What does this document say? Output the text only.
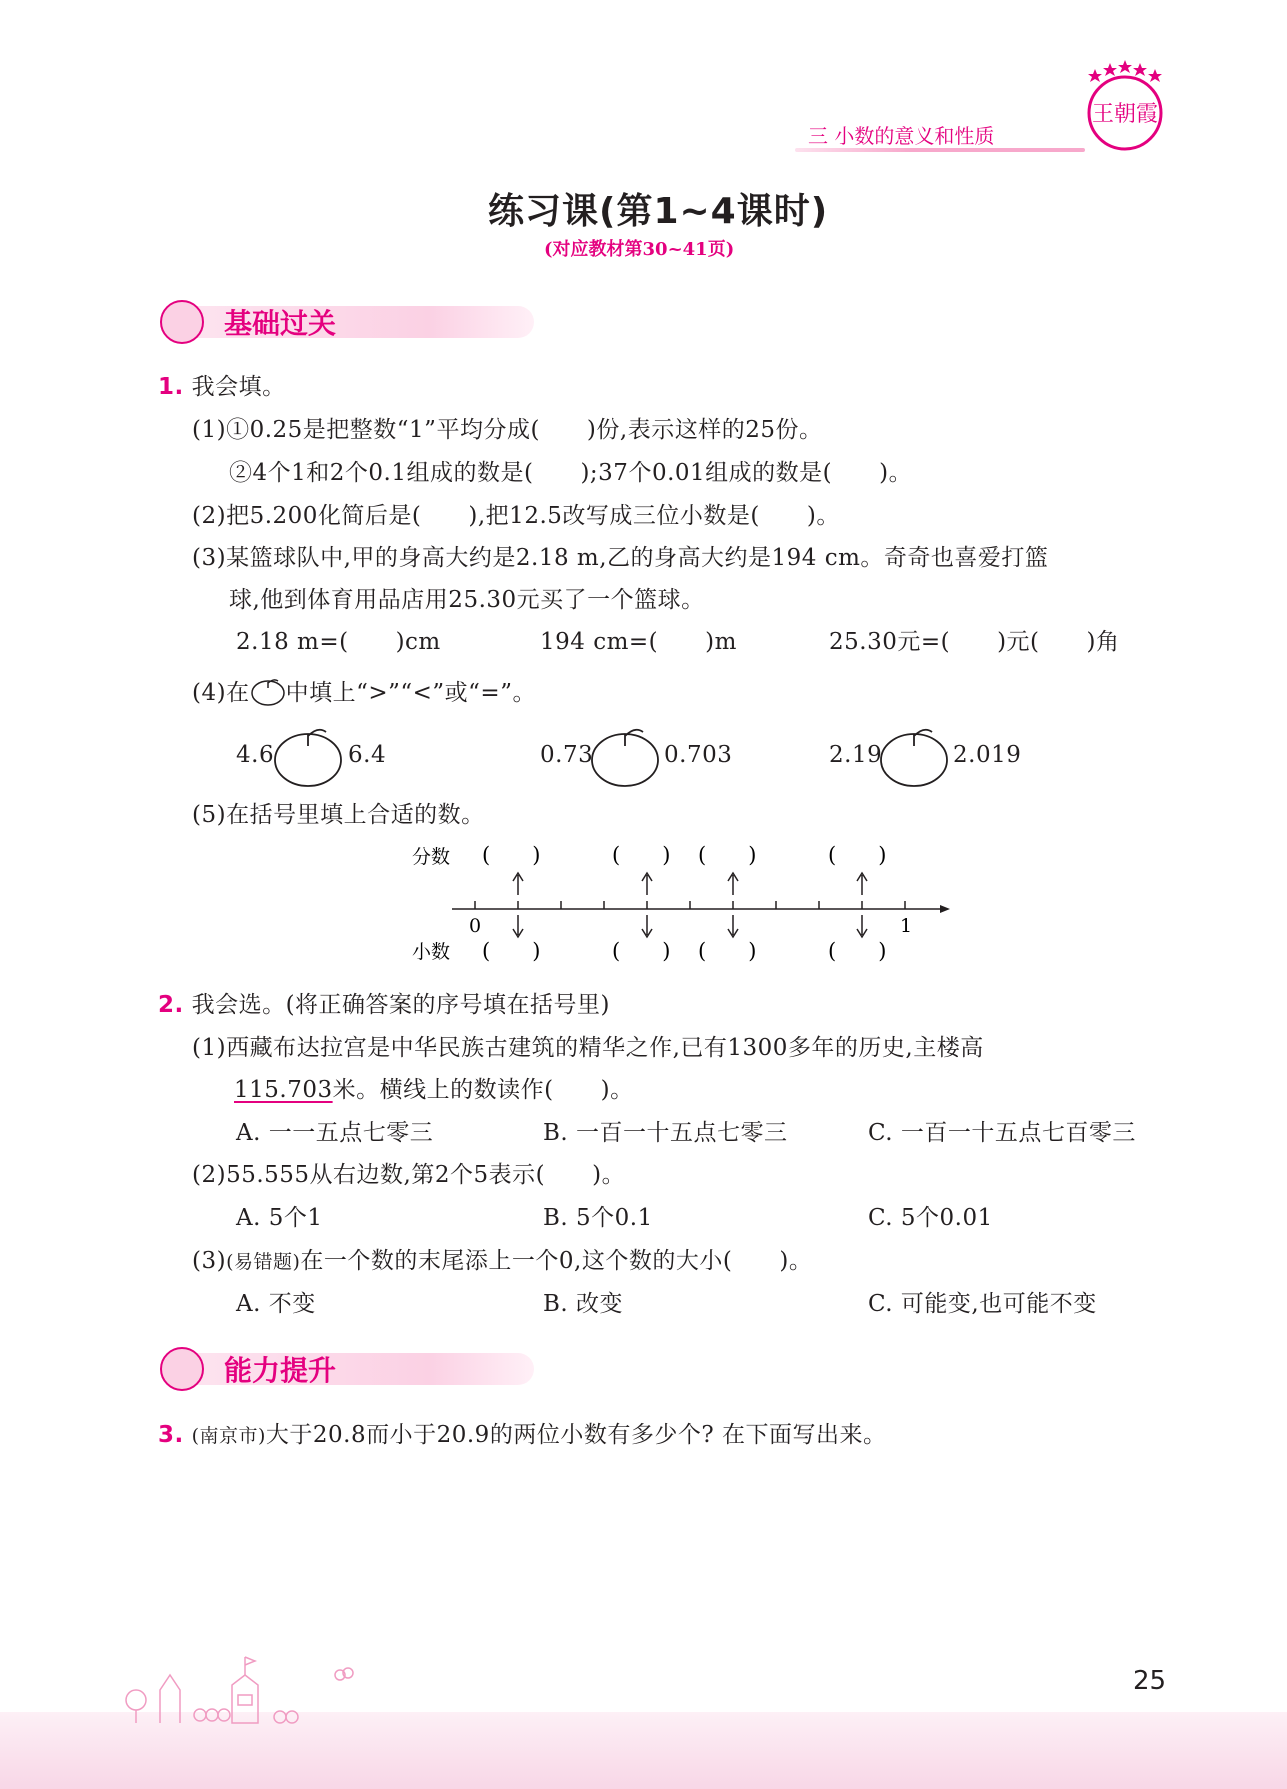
三 小数的意义和性质
王朝霞
练习课(第1~4课时)
(对应教材第30~41页)
基础过关
1. 我会填。
(1)①0.25是把整数“1”平均分成(　　)份,表示这样的25份。
②4个1和2个0.1组成的数是(　　);37个0.01组成的数是(　　)。
(2)把5.200化简后是(　　),把12.5改写成三位小数是(　　)。
(3)某篮球队中,甲的身高大约是2.18 m,乙的身高大约是194 cm。奇奇也喜爱打篮
球,他到体育用品店用25.30元买了一个篮球。
2.18 m=(　　)cm	194 cm=(　　)m	25.30元=(　　)元(　　)角
(4)在 中填上“>”“<”或“=”。
4.6	6.4	0.73	0.703	2.19	2.019
(5)在括号里填上合适的数。
分数
小数
(　　)	(　　) (　　)	(　　)
(　　)	(　　) (　　)	(　　)
0	1
2. 我会选。(将正确答案的序号填在括号里)
(1)西藏布达拉宫是中华民族古建筑的精华之作,已有1300多年的历史,主楼高
115.703米。横线上的数读作(　　)。
A. 一一五点七零三	B. 一百一十五点七零三	C. 一百一十五点七百零三
(2)55.555从右边数,第2个5表示(　　)。
A. 5个1	B. 5个0.1	C. 5个0.01
(3)(易错题)在一个数的末尾添上一个0,这个数的大小(　　)。
A. 不变	B. 改变	C. 可能变,也可能不变
能力提升
3. (南京市)大于20.8而小于20.9的两位小数有多少个? 在下面写出来。
25
